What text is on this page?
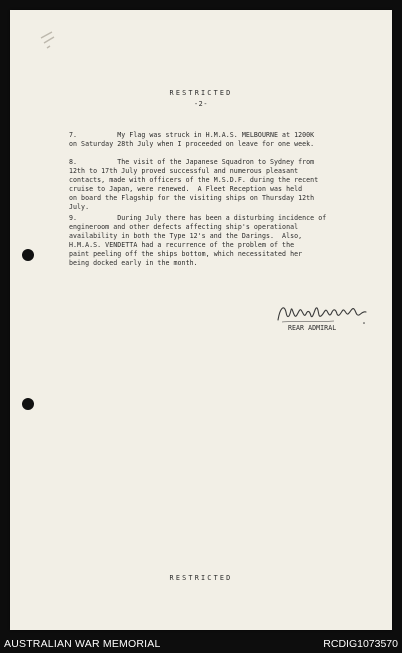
RESTRICTED
-2-
7.          My Flag was struck in H.M.A.S. MELBOURNE at 1200K
on Saturday 28th July when I proceeded on leave for one week.
8.          The visit of the Japanese Squadron to Sydney from
12th to 17th July proved successful and numerous pleasant
contacts, made with officers of the M.S.D.F. during the recent
cruise to Japan, were renewed.  A Fleet Reception was held
on board the Flagship for the visiting ships on Thursday 12th
July.
9.          During July there has been a disturbing incidence of
engineroom and other defects affecting ship's operational
availability in both the Type 12's and the Darings.  Also,
H.M.A.S. VENDETTA had a recurrence of the problem of the
paint peeling off the ships bottom, which necessitated her
being docked early in the month.
REAR ADMIRAL
RESTRICTED
AUSTRALIAN WAR MEMORIAL	RCDIG1073570
